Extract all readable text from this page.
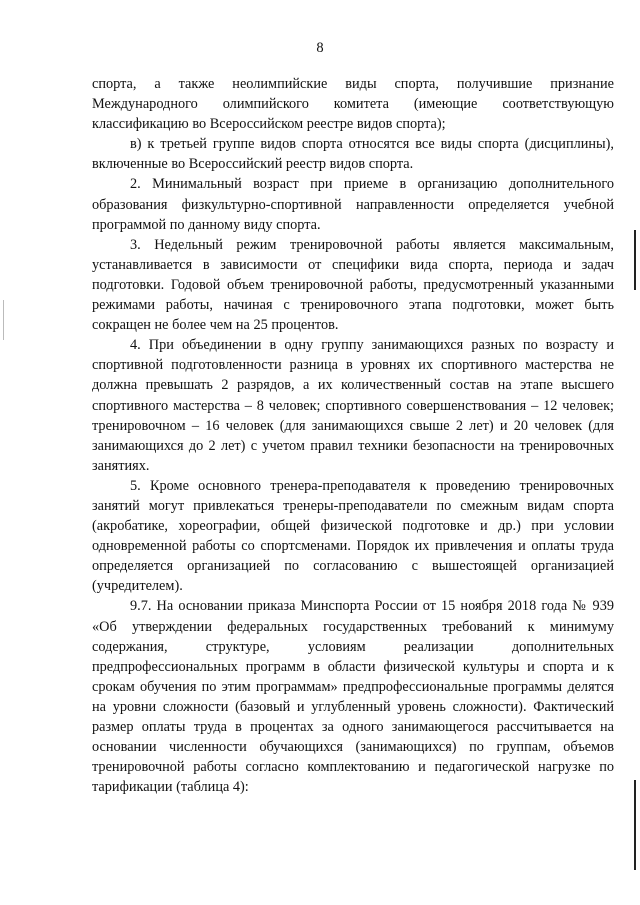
8

спорта, а также неолимпийские виды спорта, получившие признание Международного олимпийского комитета (имеющие соответствующую классификацию во Всероссийском реестре видов спорта);

в) к третьей группе видов спорта относятся все виды спорта (дисциплины), включенные во Всероссийский реестр видов спорта.

2. Минимальный возраст при приеме в организацию дополнительного образования физкультурно-спортивной направленности определяется учебной программой по данному виду спорта.

3. Недельный режим тренировочной работы является максимальным, устанавливается в зависимости от специфики вида спорта, периода и задач подготовки. Годовой объем тренировочной работы, предусмотренный указанными режимами работы, начиная с тренировочного этапа подготовки, может быть сокращен не более чем на 25 процентов.

4. При объединении в одну группу занимающихся разных по возрасту и спортивной подготовленности разница в уровнях их спортивного мастерства не должна превышать 2 разрядов, а их количественный состав на этапе высшего спортивного мастерства – 8 человек; спортивного совершенствования – 12 человек; тренировочном – 16 человек (для занимающихся свыше 2 лет) и 20 человек (для занимающихся до 2 лет) с учетом правил техники безопасности на тренировочных занятиях.

5. Кроме основного тренера-преподавателя к проведению тренировочных занятий могут привлекаться тренеры-преподаватели по смежным видам спорта (акробатике, хореографии, общей физической подготовке и др.) при условии одновременной работы со спортсменами. Порядок их привлечения и оплаты труда определяется организацией по согласованию с вышестоящей организацией (учредителем).

9.7. На основании приказа Минспорта России от 15 ноября 2018 года № 939 «Об утверждении федеральных государственных требований к минимуму содержания, структуре, условиям реализации дополнительных предпрофессиональных программ в области физической культуры и спорта и к срокам обучения по этим программам» предпрофессиональные программы делятся на уровни сложности (базовый и углубленный уровень сложности). Фактический размер оплаты труда в процентах за одного занимающегося рассчитывается на основании численности обучающихся (занимающихся) по группам, объемов тренировочной работы согласно комплектованию и педагогической нагрузке по тарификации (таблица 4):
